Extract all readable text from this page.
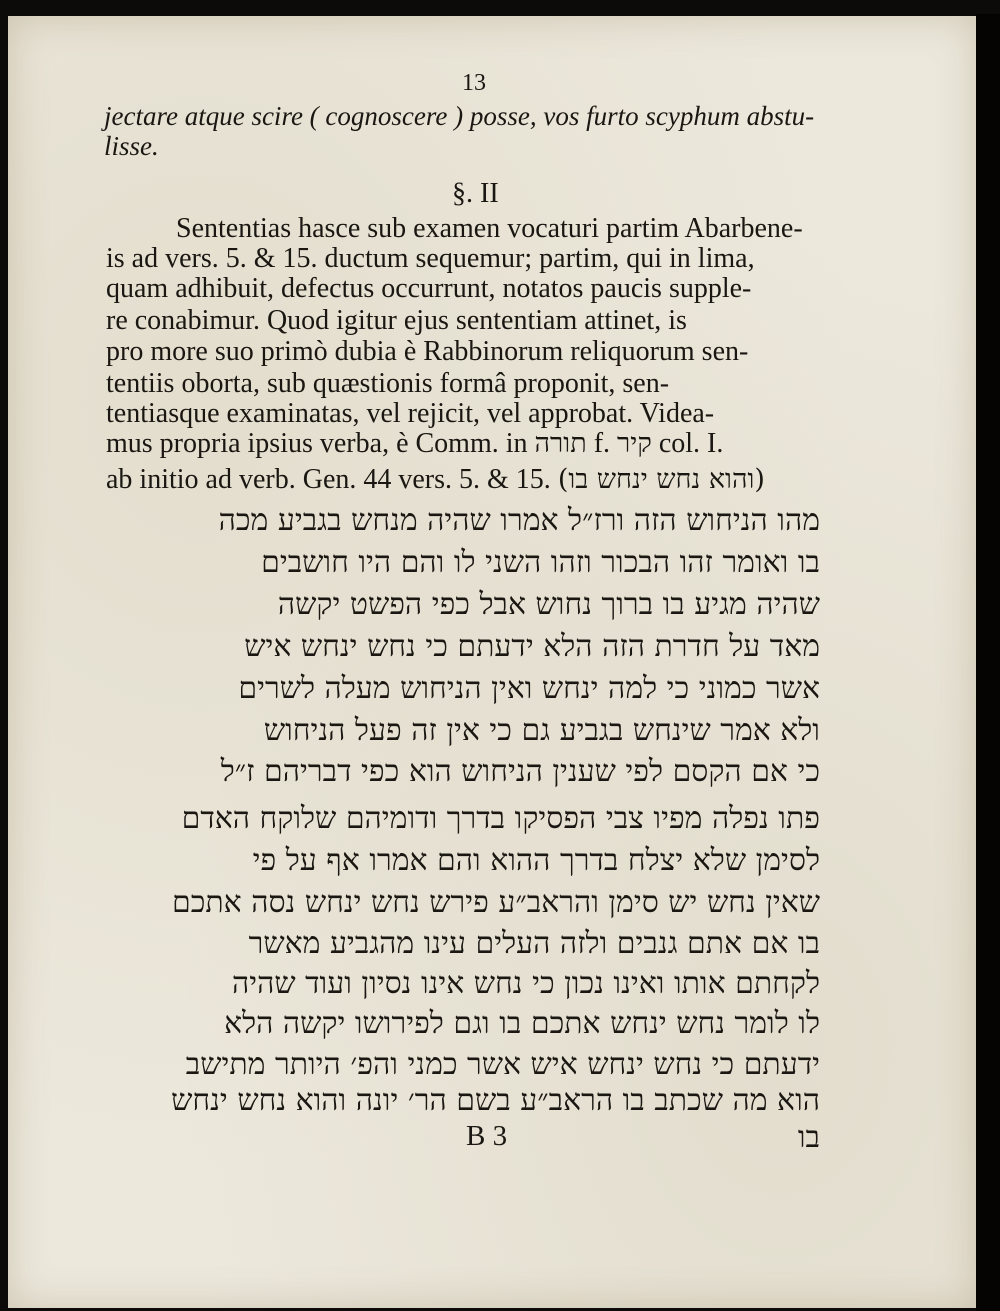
13
jectare atque scire ( cognoscere ) posse, vos furto scyphum abstu-
lisse.
§. II
Sententias hasce sub examen vocaturi partim Abarbene-
is ad vers. 5. & 15. ductum sequemur; partim, qui in lima,
quam adhibuit, defectus occurrunt, notatos paucis supple-
re conabimur. Quod igitur ejus sententiam attinet, is
pro more suo primò dubia è Rabbinorum reliquorum sen-
tentiis oborta, sub quæstionis formâ proponit, sen-
tentiasque examinatas, vel rejicit, vel approbat. Videa-
mus propria ipsius verba, è Comm. in תורה f. קיר col. I.
ab initio ad verb. Gen. 44 vers. 5. & 15. (והוא נחש ינחש בו)
מהו הניחוש הזה ורז״ל אמרו שהיה מנחש בגביע מכה
בו ואומר זהו הבכור וזהו השני לו והם היו חושבים
שהיה מגיע בו ברוך נחוש אבל כפי הפשט יקשה
מאד על חדרת הזה הלא ידעתם כי נחש ינחש איש
אשר כמוני כי למה ינחש ואין הניחוש מעלה לשרים
ולא אמר שינחש בגביע גם כי אין זה פעל הניחוש
כי אם הקסם לפי שענין הניחוש הוא כפי דבריהם ז״ל
פתו נפלה מפיו צבי הפסיקו בדרך ודומיהם שלוקח האדם
לסימן שלא יצלח בדרך ההוא והם אמרו אף על פי
שאין נחש יש סימן והראב״ע פירש נחש ינחש נסה אתכם
בו אם אתם גנבים ולזה העלים עינו מהגביע מאשר
לקחתם אותו ואינו נכון כי נחש אינו נסיון ועוד שהיה
לו לומר נחש ינחש אתכם בו וגם לפירושו יקשה הלא
ידעתם כי נחש ינחש איש אשר כמני והפ׳ היותר מתישב
הוא מה שכתב בו הראב״ע בשם הר׳ יונה והוא נחש ינחש
B 3	בו
